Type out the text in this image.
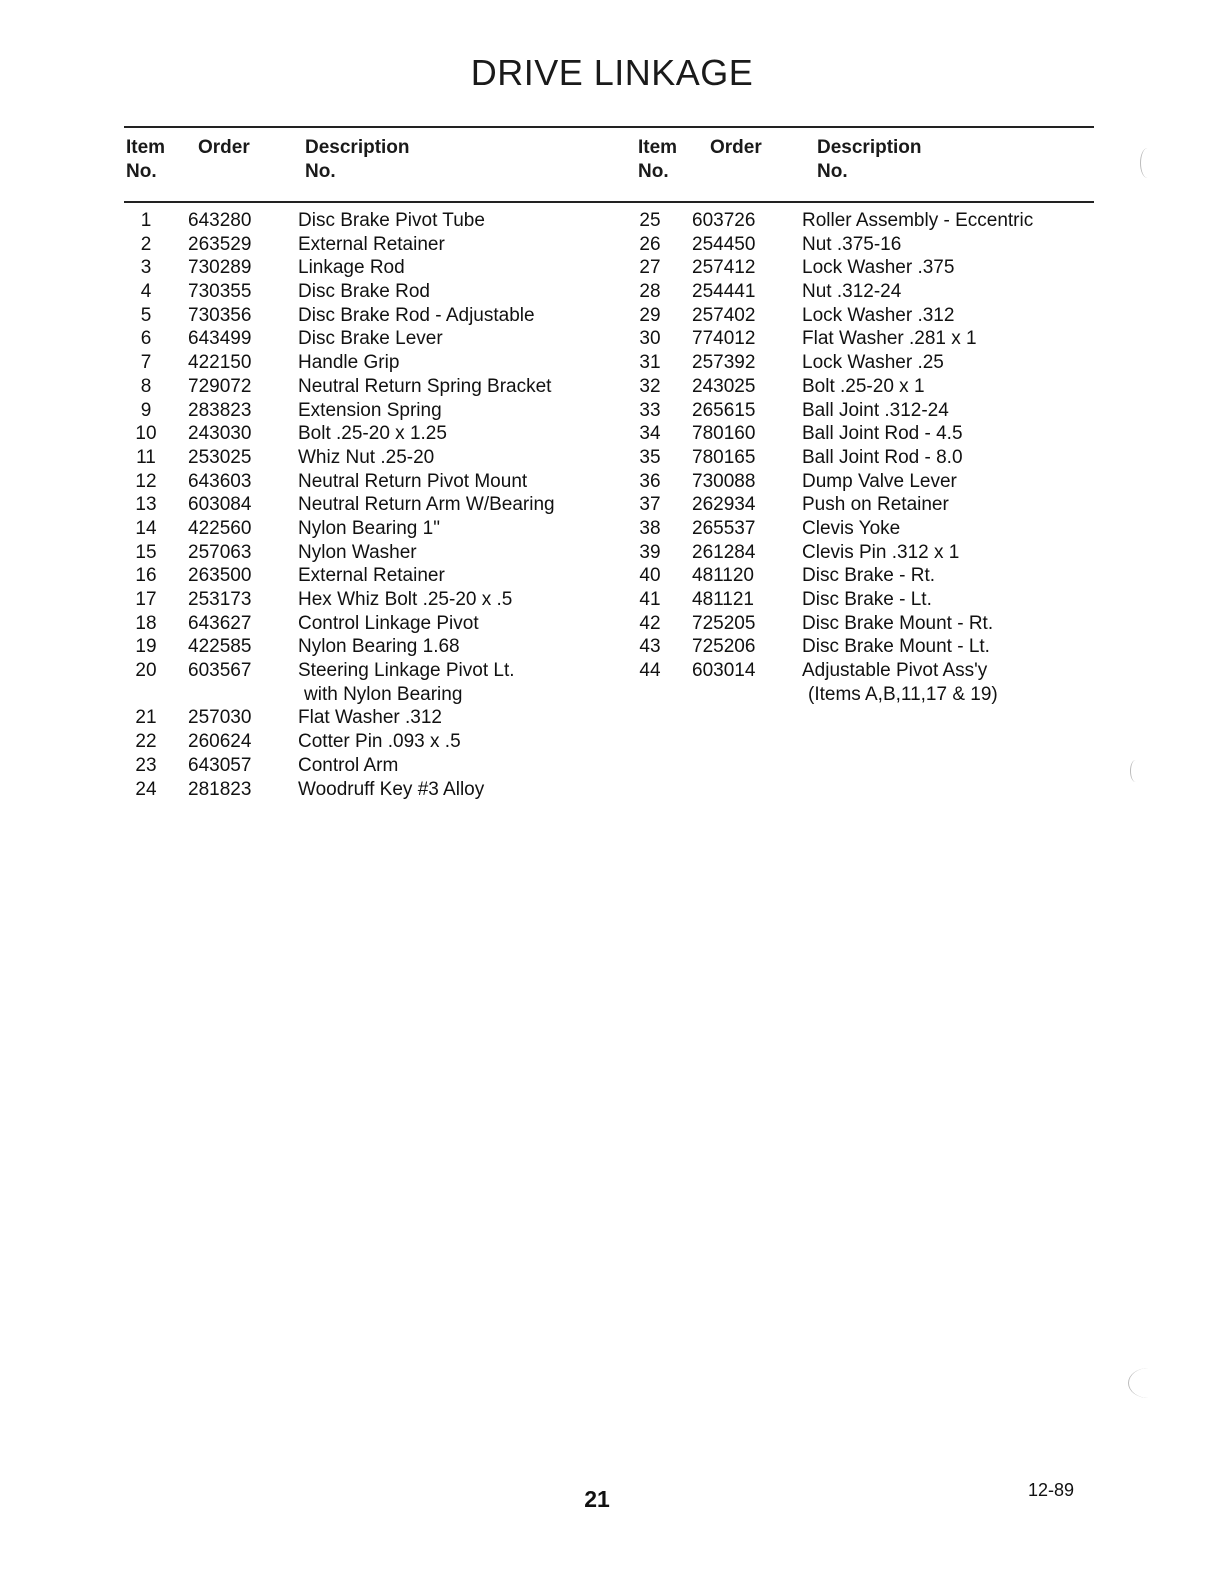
DRIVE LINKAGE
Item
No.
Order	Description
No.
Item
No.
Order	Description
No.
1	643280 Disc Brake Pivot Tube
2	263529 External Retainer
3	730289 Linkage Rod
4	730355 Disc Brake Rod
5	730356 Disc Brake Rod - Adjustable
6	643499 Disc Brake Lever
7	422150 Handle Grip
8	729072 Neutral Return Spring Bracket
9	283823 Extension Spring
10	243030 Bolt .25-20 x 1.25
11	253025 Whiz Nut .25-20
12	643603 Neutral Return Pivot Mount
13	603084 Neutral Return Arm W/Bearing
14	422560 Nylon Bearing 1"
15	257063 Nylon Washer
16	263500 External Retainer
17	253173 Hex Whiz Bolt .25-20 x .5
18	643627 Control Linkage Pivot
19	422585 Nylon Bearing 1.68
20	603567 Steering Linkage Pivot Lt.
with Nylon Bearing
21	257030 Flat Washer .312
22	260624 Cotter Pin .093 x .5
23	643057 Control Arm
24	281823 Woodruff Key #3 Alloy
25	603726 Roller Assembly - Eccentric
26	254450 Nut .375-16
27	257412 Lock Washer .375
28	254441 Nut .312-24
29	257402 Lock Washer .312
30	774012 Flat Washer .281 x 1
31	257392 Lock Washer .25
32	243025 Bolt .25-20 x 1
33	265615 Ball Joint .312-24
34	780160 Ball Joint Rod - 4.5
35	780165 Ball Joint Rod - 8.0
36	730088 Dump Valve Lever
37	262934 Push on Retainer
38	265537 Clevis Yoke
39	261284 Clevis Pin .312 x 1
40	481120	Disc Brake - Rt.
41	481121	Disc Brake - Lt.
42	725205 Disc Brake Mount - Rt.
43	725206 Disc Brake Mount - Lt.
44	603014 Adjustable Pivot Ass'y
(Items A,B,11,17 & 19)
21	12-89
